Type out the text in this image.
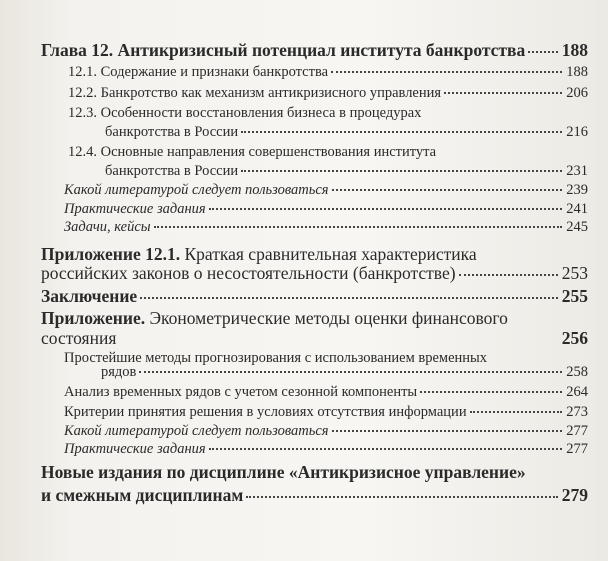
Глава 12. Антикризисный потенциал института банкротства 188
12.1. Содержание и признаки банкротства	188
12.2. Банкротство как механизм антикризисного управления	206
12.3. Особенности восстановления бизнеса в процедурах
банкротства в России	216
12.4. Основные направления совершенствования института
банкротства в России	231
Какой литературой следует пользоваться	239
Практические задания	241
Задачи, кейсы	245
Приложение 12.1. Краткая сравнительная характеристика
российских законов о несостоятельности (банкротстве)	253
Заключение	255
Приложение. Эконометрические методы оценки финансового
состояния	256
Простейшие методы прогнозирования с использованием временных
рядов	258
Анализ временных рядов с учетом сезонной компоненты	264
Критерии принятия решения в условиях отсутствия информации	273
Какой литературой следует пользоваться	277
Практические задания	277
Новые издания по дисциплине «Антикризисное управление»
и смежным дисциплинам	279
